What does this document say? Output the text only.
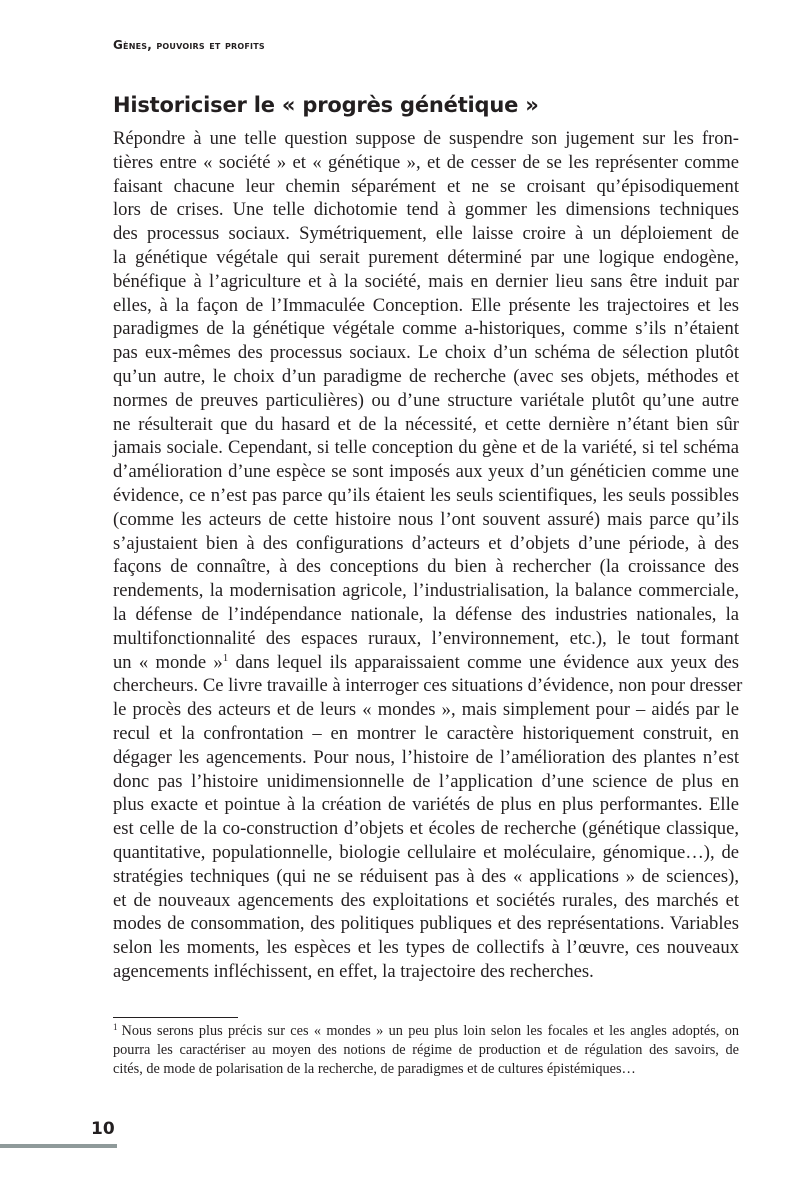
Gènes, pouvoirs et profits
Historiciser le « progrès génétique »
Répondre à une telle question suppose de suspendre son jugement sur les fron-
tières entre « société » et « génétique », et de cesser de se les représenter comme
faisant chacune leur chemin séparément et ne se croisant qu’épisodiquement
lors de crises. Une telle dichotomie tend à gommer les dimensions techniques
des processus sociaux. Symétriquement, elle laisse croire à un déploiement de
la génétique végétale qui serait purement déterminé par une logique endogène,
bénéfique à l’agriculture et à la société, mais en dernier lieu sans être induit par
elles, à la façon de l’Immaculée Conception. Elle présente les trajectoires et les
paradigmes de la génétique végétale comme a-historiques, comme s’ils n’étaient
pas eux-mêmes des processus sociaux. Le choix d’un schéma de sélection plutôt
qu’un autre, le choix d’un paradigme de recherche (avec ses objets, méthodes et
normes de preuves particulières) ou d’une structure variétale plutôt qu’une autre
ne résulterait que du hasard et de la nécessité, et cette dernière n’étant bien sûr
jamais sociale. Cependant, si telle conception du gène et de la variété, si tel schéma
d’amélioration d’une espèce se sont imposés aux yeux d’un généticien comme une
évidence, ce n’est pas parce qu’ils étaient les seuls scientifiques, les seuls possibles
(comme les acteurs de cette histoire nous l’ont souvent assuré) mais parce qu’ils
s’ajustaient bien à des configurations d’acteurs et d’objets d’une période, à des
façons de connaître, à des conceptions du bien à rechercher (la croissance des
rendements, la modernisation agricole, l’industrialisation, la balance commerciale,
la défense de l’indépendance nationale, la défense des industries nationales, la
multifonctionnalité des espaces ruraux, l’environnement, etc.), le tout formant
un « monde »$^1$ dans lequel ils apparaissaient comme une évidence aux yeux des
chercheurs. Ce livre travaille à interroger ces situations d’évidence, non pour dresser
le procès des acteurs et de leurs « mondes », mais simplement pour – aidés par le
recul et la confrontation – en montrer le caractère historiquement construit, en
dégager les agencements. Pour nous, l’histoire de l’amélioration des plantes n’est
donc pas l’histoire unidimensionnelle de l’application d’une science de plus en
plus exacte et pointue à la création de variétés de plus en plus performantes. Elle
est celle de la co-construction d’objets et écoles de recherche (génétique classique,
quantitative, populationnelle, biologie cellulaire et moléculaire, génomique…), de
stratégies techniques (qui ne se réduisent pas à des « applications » de sciences),
et de nouveaux agencements des exploitations et sociétés rurales, des marchés et
modes de consommation, des politiques publiques et des représentations. Variables
selon les moments, les espèces et les types de collectifs à l’œuvre, ces nouveaux
agencements infléchissent, en effet, la trajectoire des recherches.
$^1$ Nous serons plus précis sur ces « mondes » un peu plus loin selon les focales et les angles adoptés, on
pourra les caractériser au moyen des notions de régime de production et de régulation des savoirs, de
cités, de mode de polarisation de la recherche, de paradigmes et de cultures épistémiques…
10
